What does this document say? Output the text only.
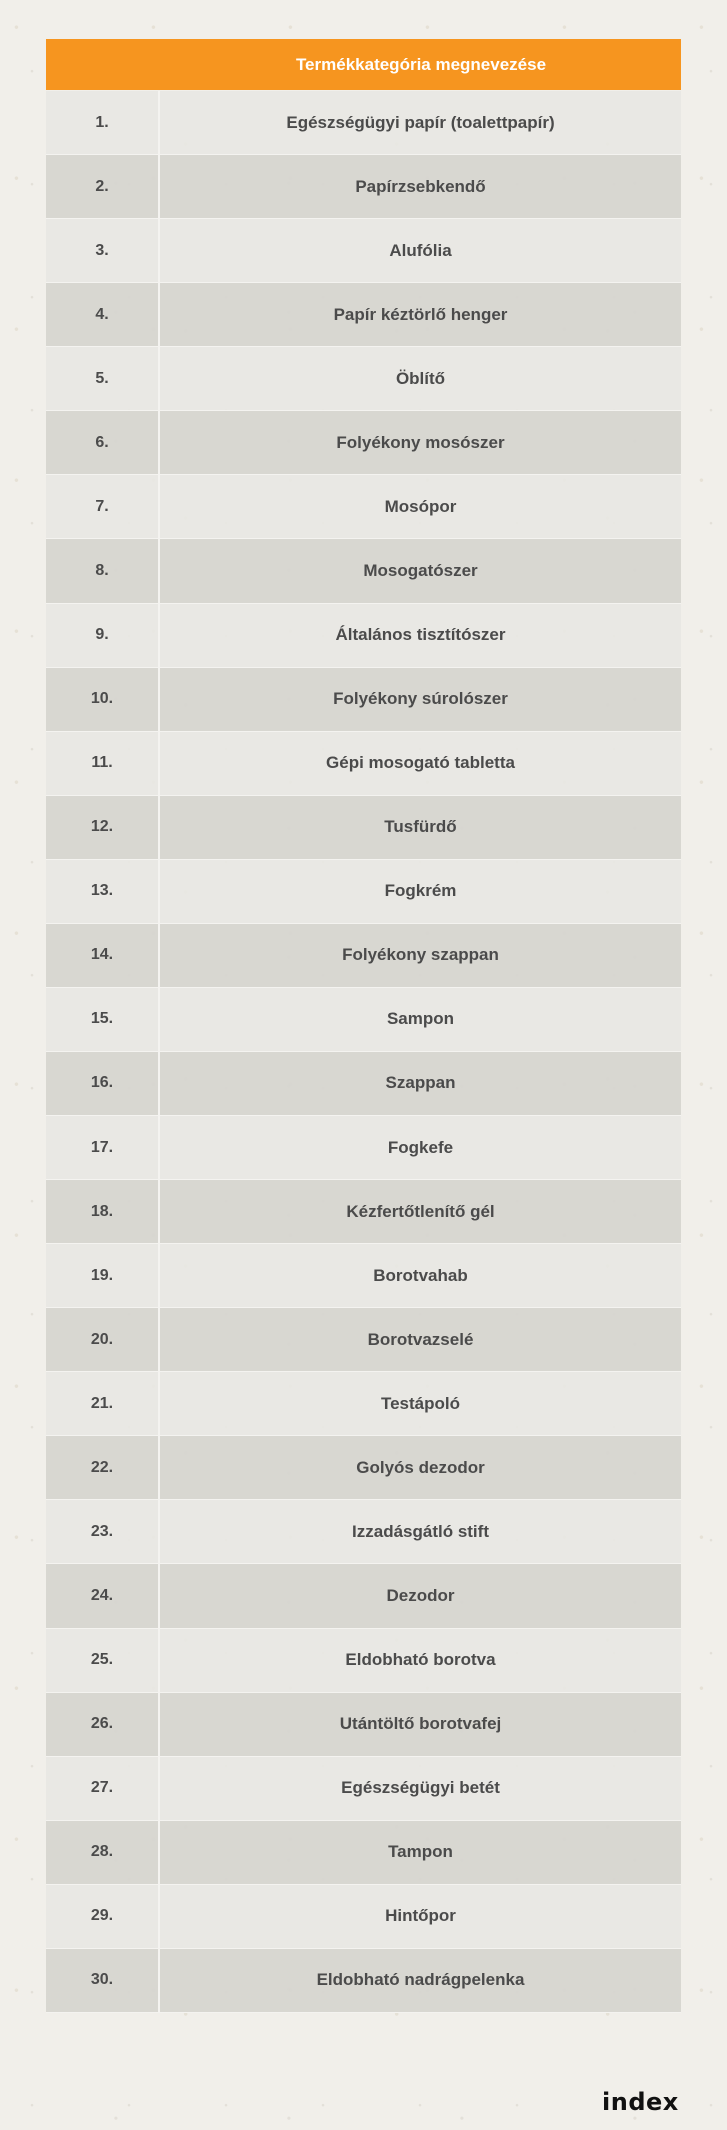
Termékkategória megnevezése
1.	Egészségügyi papír (toalettpapír)
2.	Papírzsebkendő
3.	Alufólia
4.	Papír kéztörlő henger
5.	Öblítő
6.	Folyékony mosószer
7.	Mosópor
8.	Mosogatószer
9.	Általános tisztítószer
10.	Folyékony súrolószer
11.	Gépi mosogató tabletta
12.	Tusfürdő
13.	Fogkrém
14.	Folyékony szappan
15.	Sampon
16.	Szappan
17.	Fogkefe
18.	Kézfertőtlenítő gél
19.	Borotvahab
20.	Borotvazselé
21.	Testápoló
22.	Golyós dezodor
23.	Izzadásgátló stift
24.	Dezodor
25.	Eldobható borotva
26.	Utántöltő borotvafej
27.	Egészségügyi betét
28.	Tampon
29.	Hintőpor
30.	Eldobható nadrágpelenka
index
